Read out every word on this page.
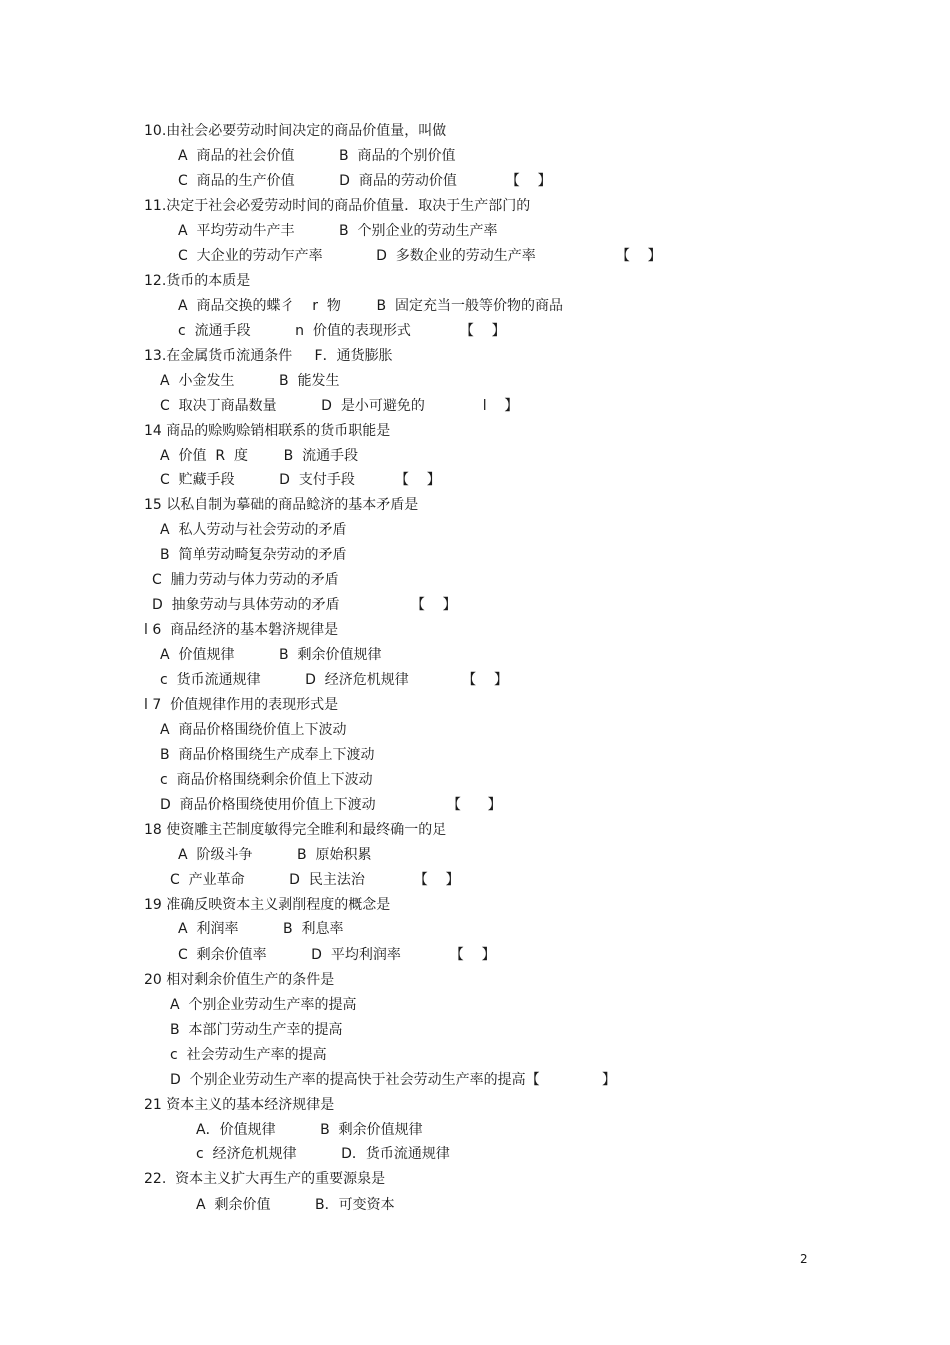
10.由社会必要劳动时间决定的商品价值量，叫做
A  商品的社会价值          B  商品的个别价值
C  商品的生产价值          D  商品的劳动价值           【    】
11.决定于社会必爱劳动时间的商品价值量．取决于生产部门的
A  平均劳动牛产丰          B  个别企业的劳动生产率
C  大企业的劳动乍产率            D  多数企业的劳动生产率                  【    】
12.货币的本质是
A  商品交换的蝶彳    r  物        B  固定充当一般等价物的商品
c  流通手段          n  价值的表现形式           【    】
13.在金属货币流通条件     F．通货膨胀
A  小金发生          B  能发生
C  取决丁商晶数量          D  是小可避免的             l    】
14 商品的赊购赊销相联系的货币职能是
A  价值  R  度        B  流通手段
C  贮藏手段          D  支付手段         【    】
15 以私自制为摹础的商品鲶济的基本矛盾是
A  私人劳动与社会劳动的矛盾
B  简单劳动畸复杂劳动的矛盾
C  脯力劳动与体力劳动的矛盾
D  抽象劳动与具体劳动的矛盾                【    】
l 6  商品经济的基本磐济规律是
A  价值规律          B  剩余价值规律
c  货币流通规律          D  经济危机规律            【    】
l 7  价值规律作用的表现形式是
A  商品价格围绕价值上下波动
B  商品价格围绕生产成奉上下渡动
c  商品价格围绕剩余价值上下波动
D  商品价格围绕使用价值上下渡动                【      】
18 使资雕主芒制度敏得完全睢利和最终确一的足
A  阶级斗争          B  原始积累
C  产业革命          D  民主法治           【    】
19 准确反映资本主义剥削程度的概念是
A  利润率          B  利息率
C  剩余价值率          D  平均利润率           【    】
20 相对剩余价值生产的条件是
A  个别企业劳动生产率的提高
B  本部门劳动生产幸的提高
c  社会劳动生产率的提高
D  个别企业劳动生产率的提高快于社会劳动生产率的提高【              】
21 资本主义的基本经济规律是
A．价值规律          B  剩余价值规律
c  经济危机规律          D．货币流通规律
22.  资本主义扩大再生产的重要源泉是
A  剩余价值          B．可变资本
2
